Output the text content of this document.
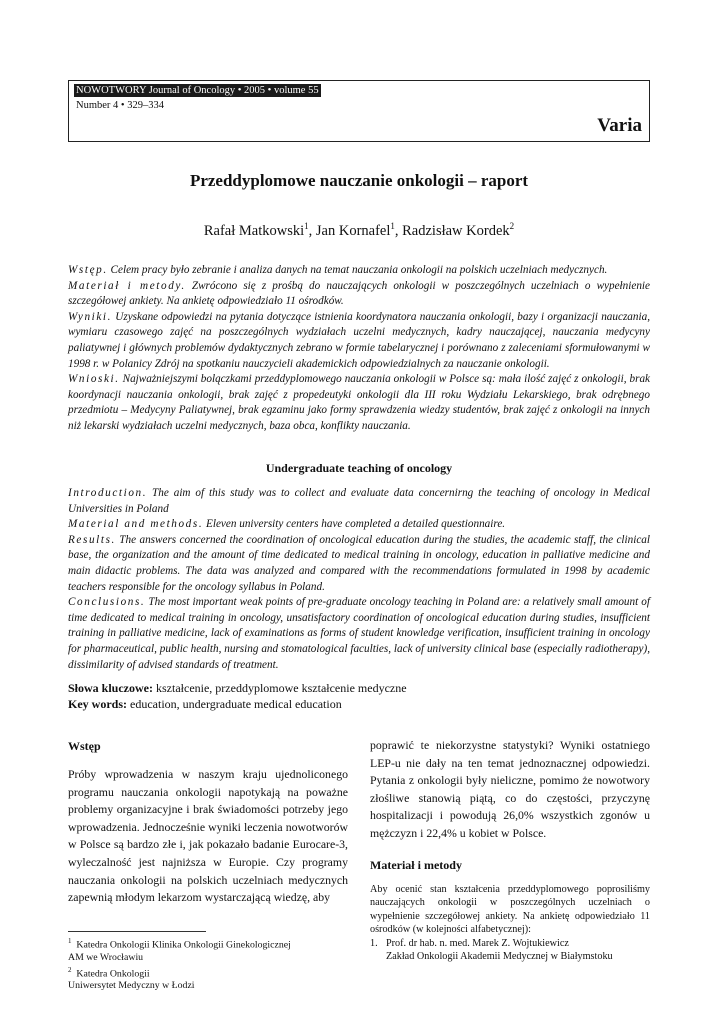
NOWOTWORY Journal of Oncology • 2005 • volume 55
Number 4 • 329–334
Varia
Przeddyplomowe nauczanie onkologii – raport
Rafał Matkowski$^1$, Jan Kornafel$^1$, Radzisław Kordek$^2$

Wstęp. Celem pracy było zebranie i analiza danych na temat nauczania onkologii na polskich uczelniach medycznych.

Materiał i metody. Zwrócono się z prośbą do nauczających onkologii w poszczególnych uczelniach o wypełnienie szczegółowej ankiety. Na ankietę odpowiedziało 11 ośrodków.

Wyniki. Uzyskane odpowiedzi na pytania dotyczące istnienia koordynatora nauczania onkologii, bazy i organizacji nauczania, wymiaru czasowego zajęć na poszczególnych wydziałach uczelni medycznych, kadry nauczającej, nauczania medycyny paliatywnej i głównych problemów dydaktycznych zebrano w formie tabelarycznej i porównano z zaleceniami sformułowanymi w 1998 r. w Polanicy Zdrój na spotkaniu nauczycieli akademickich odpowiedzialnych za nauczanie onkologii.

Wnioski. Najważniejszymi bolączkami przeddyplomowego nauczania onkologii w Polsce są: mała ilość zajęć z onkologii, brak koordynacji nauczania onkologii, brak zajęć z propedeutyki onkologii dla III roku Wydziału Lekarskiego, brak odrębnego przedmiotu – Medycyny Paliatywnej, brak egzaminu jako formy sprawdzenia wiedzy studentów, brak zajęć z onkologii na innych niż lekarski wydziałach uczelni medycznych, baza obca, konflikty nauczania.

Undergraduate teaching of oncology

Introduction. The aim of this study was to collect and evaluate data concernirng the teaching of oncology in Medical Universities in Poland

Material and methods. Eleven university centers have completed a detailed questionnaire.

Results. The answers concerned the coordination of oncological education during the studies, the academic staff, the clinical base, the organization and the amount of time dedicated to medical training in oncology, education in palliative medicine and main didactic problems. The data was analyzed and compared with the recommendations formulated in 1998 by academic teachers responsible for the oncology syllabus in Poland.

Conclusions. The most important weak points of pre-graduate oncology teaching in Poland are: a relatively small amount of time dedicated to medical training in oncology, unsatisfactory coordination of oncological education during studies, insufficient training in palliative medicine, lack of examinations as forms of student knowledge verification, insufficient training in oncology for pharmaceutical, public health, nursing and stomatological faculties, lack of university clinical base (especially radiotherapy), dissimilarity of advised standards of treatment.

Słowa kluczowe: kształcenie, przeddyplomowe kształcenie medyczne

Key words: education, undergraduate medical education

Wstęp

Próby wprowadzenia w naszym kraju ujednoliconego programu nauczania onkologii napotykają na poważne problemy organizacyjne i brak świadomości potrzeby jego wprowadzenia. Jednocześnie wyniki leczenia nowotworów w Polsce są bardzo złe i, jak pokazało badanie Eurocare-3, wyleczalność jest najniższa w Europie. Czy programy nauczania onkologii na polskich uczelniach medycznych zapewnią młodym lekarzom wystarczającą wiedzę, aby

poprawić te niekorzystne statystyki? Wyniki ostatniego LEP-u nie dały na ten temat jednoznacznej odpowiedzi. Pytania z onkologii były nieliczne, pomimo że nowotwory złośliwe stanowią piątą, co do częstości, przyczynę hospitalizacji i powodują 26,0% wszystkich zgonów u mężczyzn i 22,4% u kobiet w Polsce.

Materiał i metody

Aby ocenić stan kształcenia przeddyplomowego poprosiliśmy nauczających onkologii w poszczególnych uczelniach o wypełnienie szczegółowej ankiety. Na ankietę odpowiedziało 11 ośrodków (w kolejności alfabetycznej):

1. Prof. dr hab. n. med. Marek Z. Wojtukiewicz
Zakład Onkologii Akademii Medycznej w Białymstoku
$^1$ Katedra Onkologii Klinika Onkologii Ginekologicznej
AM we Wrocławiu
$^2$ Katedra Onkologii
Uniwersytet Medyczny w Łodzi
